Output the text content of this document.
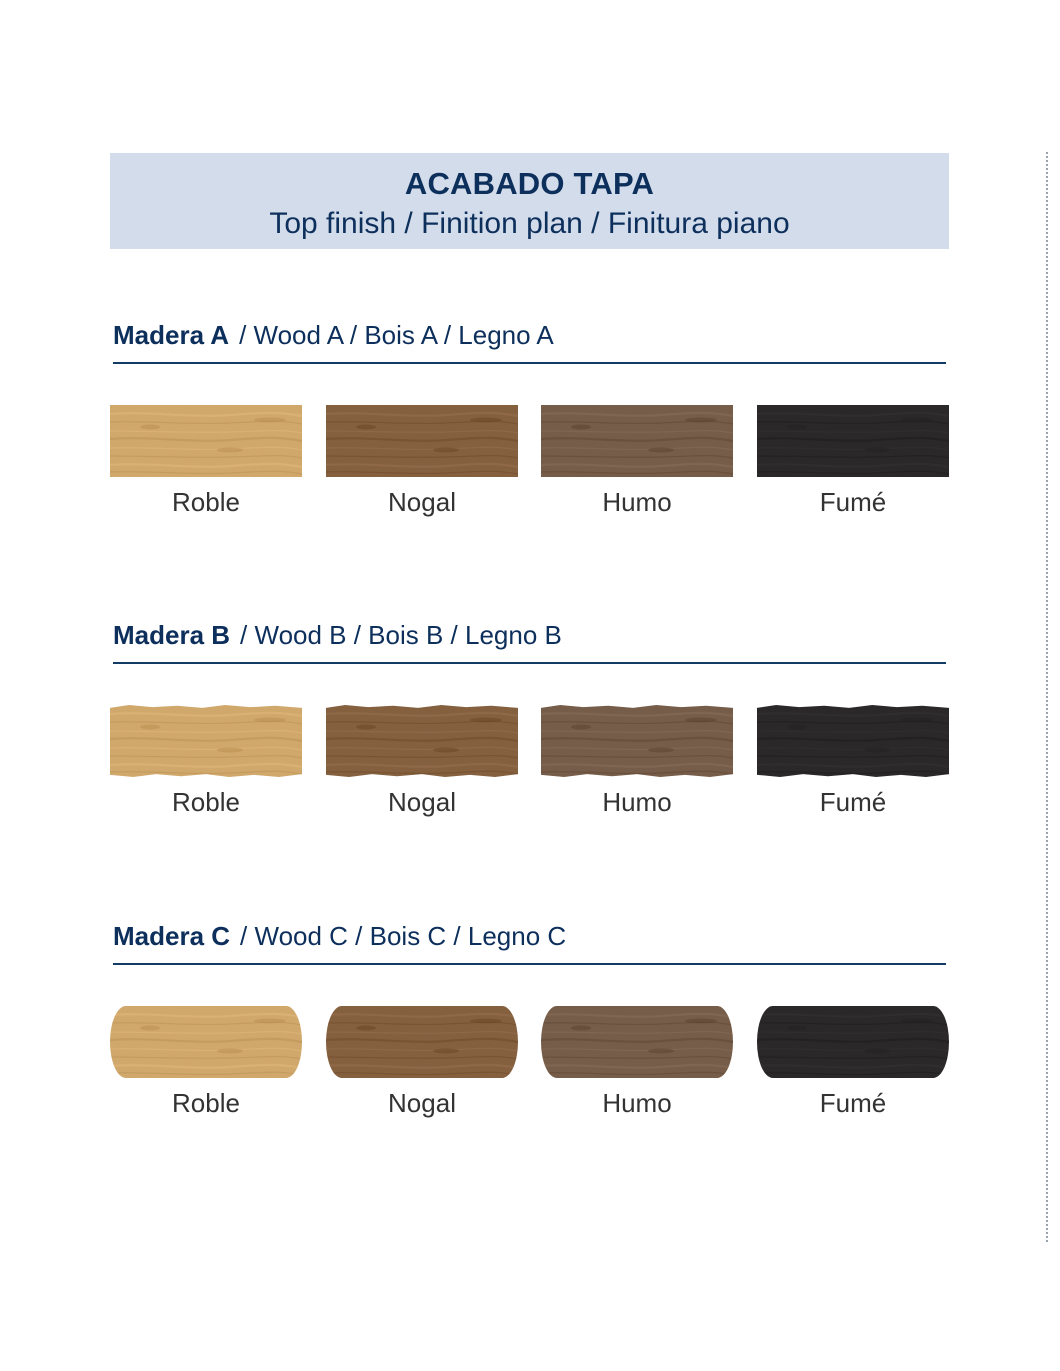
ACABADO TAPA
Top finish / Finition plan / Finitura piano
Madera A / Wood A / Bois A / Legno A
Roble	Nogal	Humo	Fumé
Madera B / Wood B / Bois B / Legno B
Roble	Nogal	Humo	Fumé
Madera C / Wood C / Bois C / Legno C
Roble	Nogal	Humo	Fumé
